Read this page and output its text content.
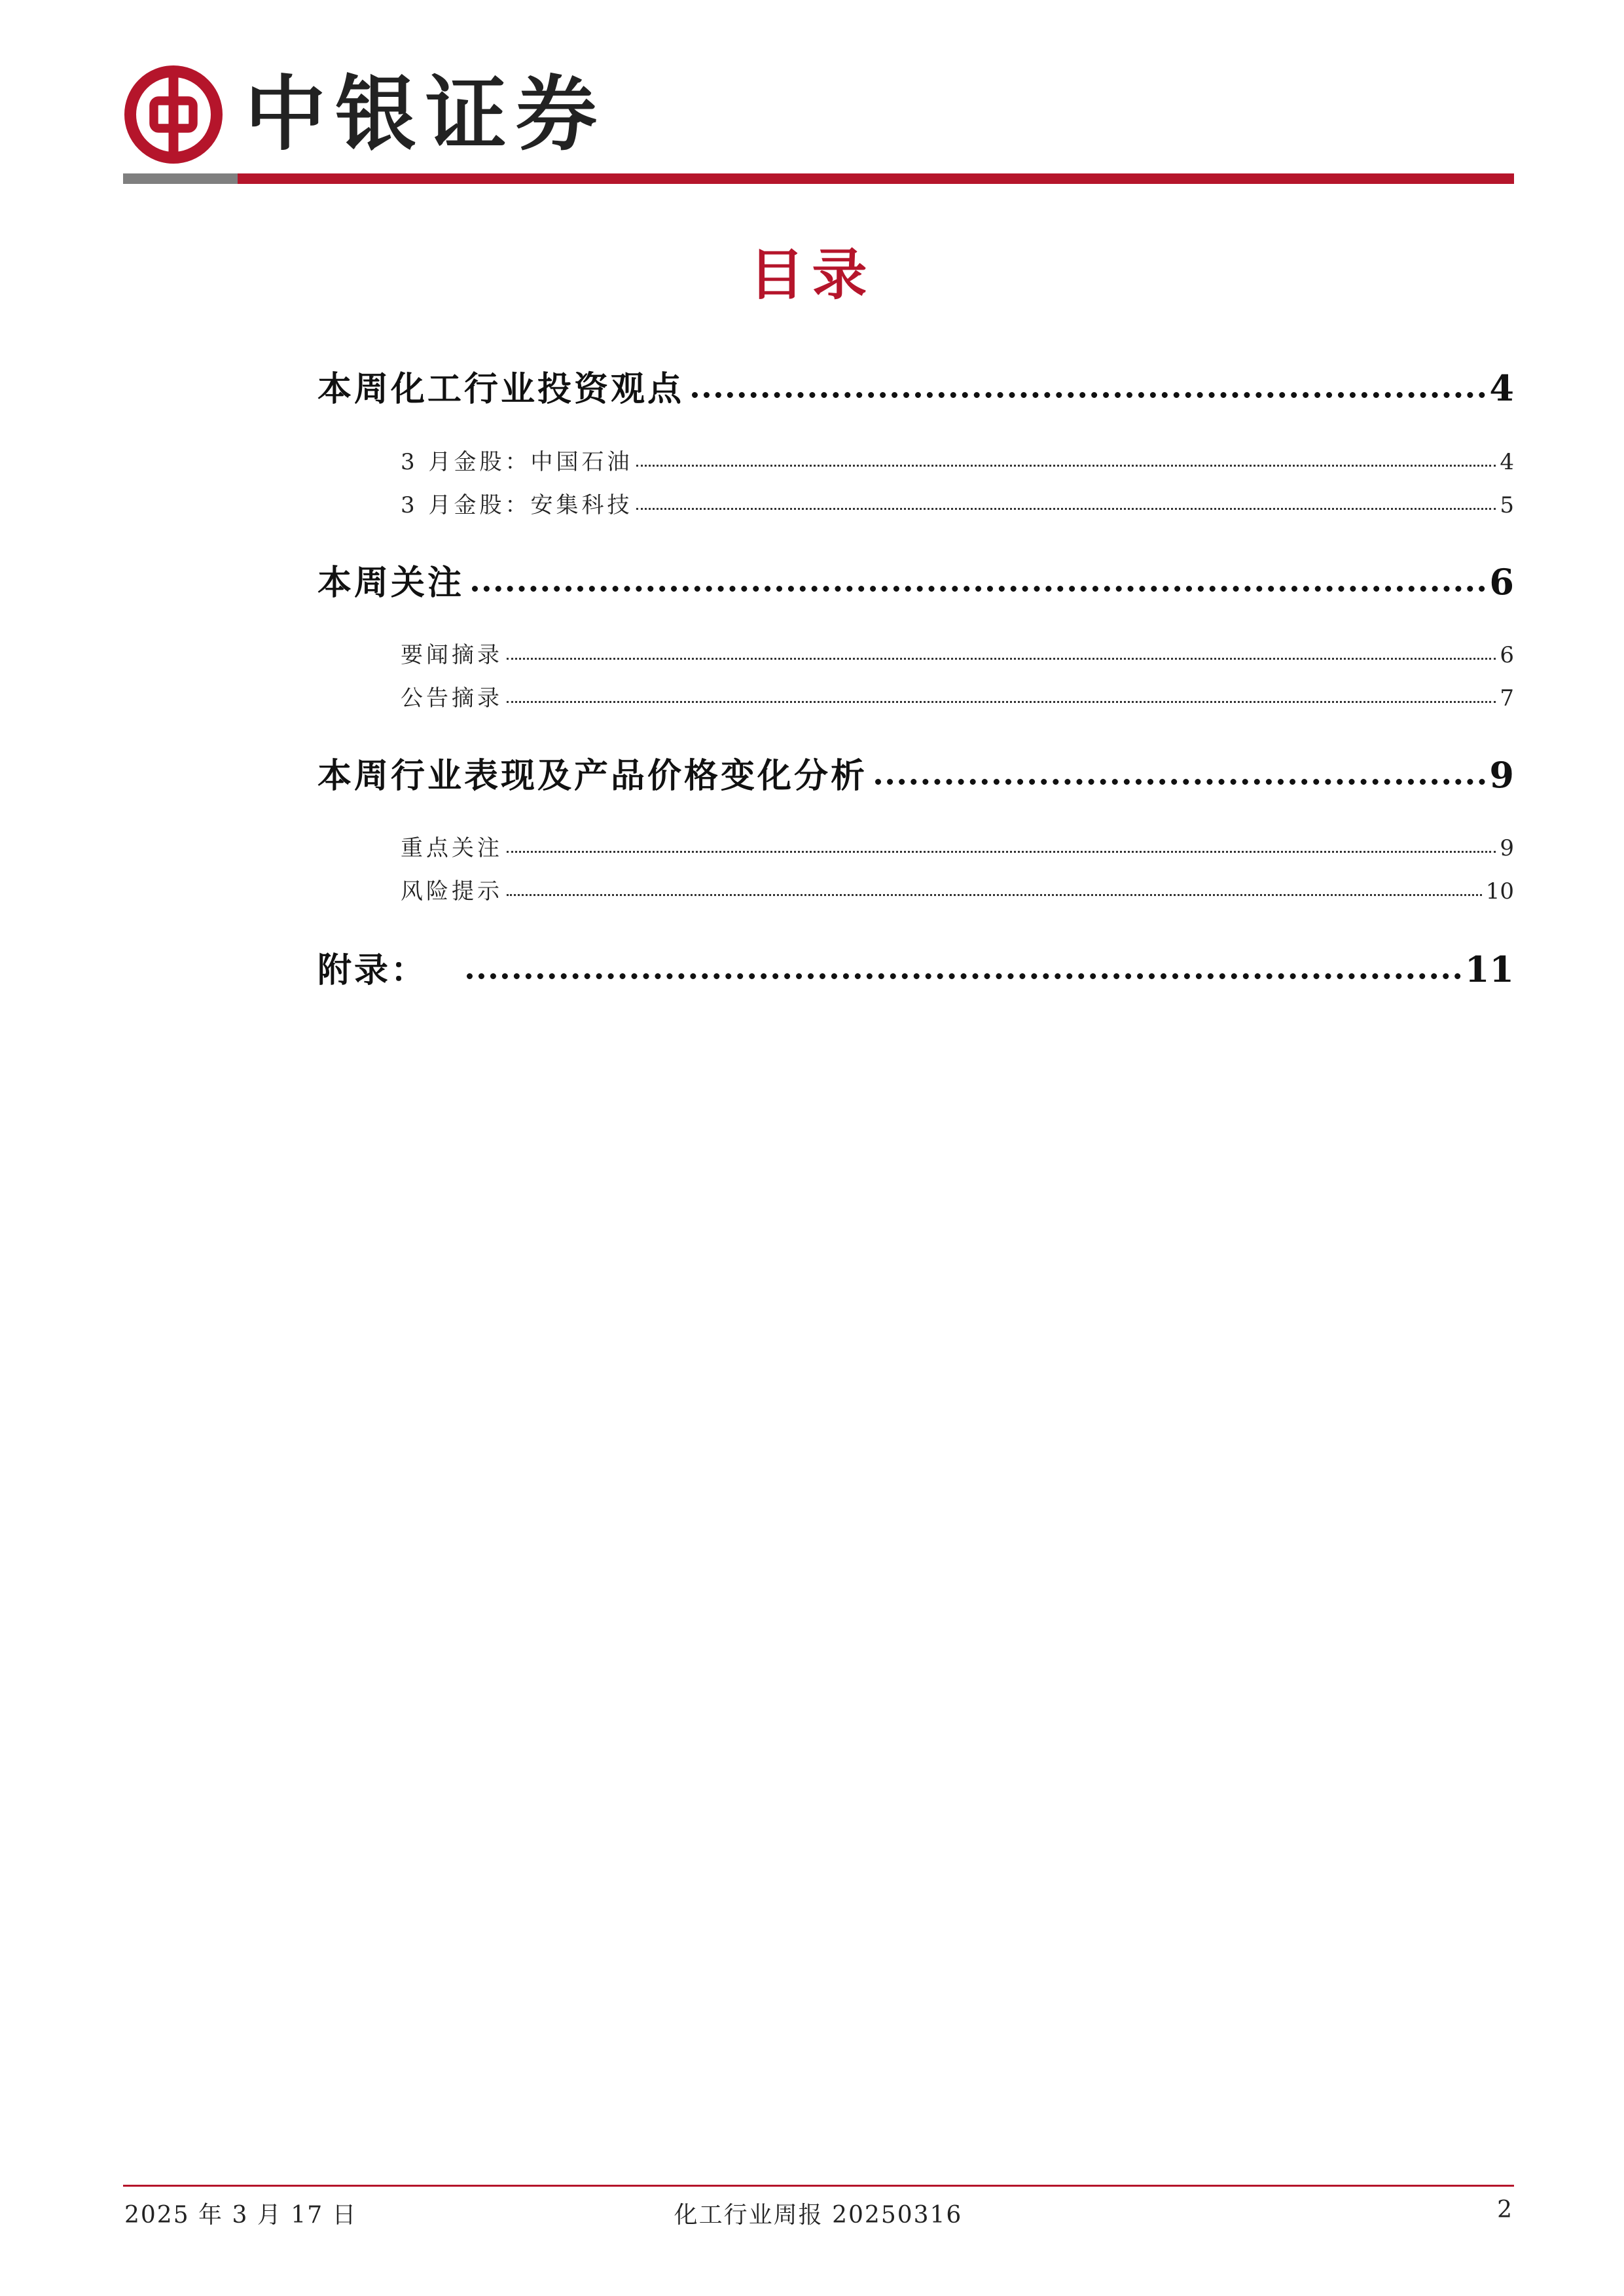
中银证券
目录
本周化工行业投资观点	4
3 月金股：中国石油	4
3 月金股：安集科技	5
本周关注	6
要闻摘录	6
公告摘录	7
本周行业表现及产品价格变化分析	9
重点关注	9
风险提示	10
附录：	11
2025 年 3 月 17 日	化工行业周报 20250316	2
